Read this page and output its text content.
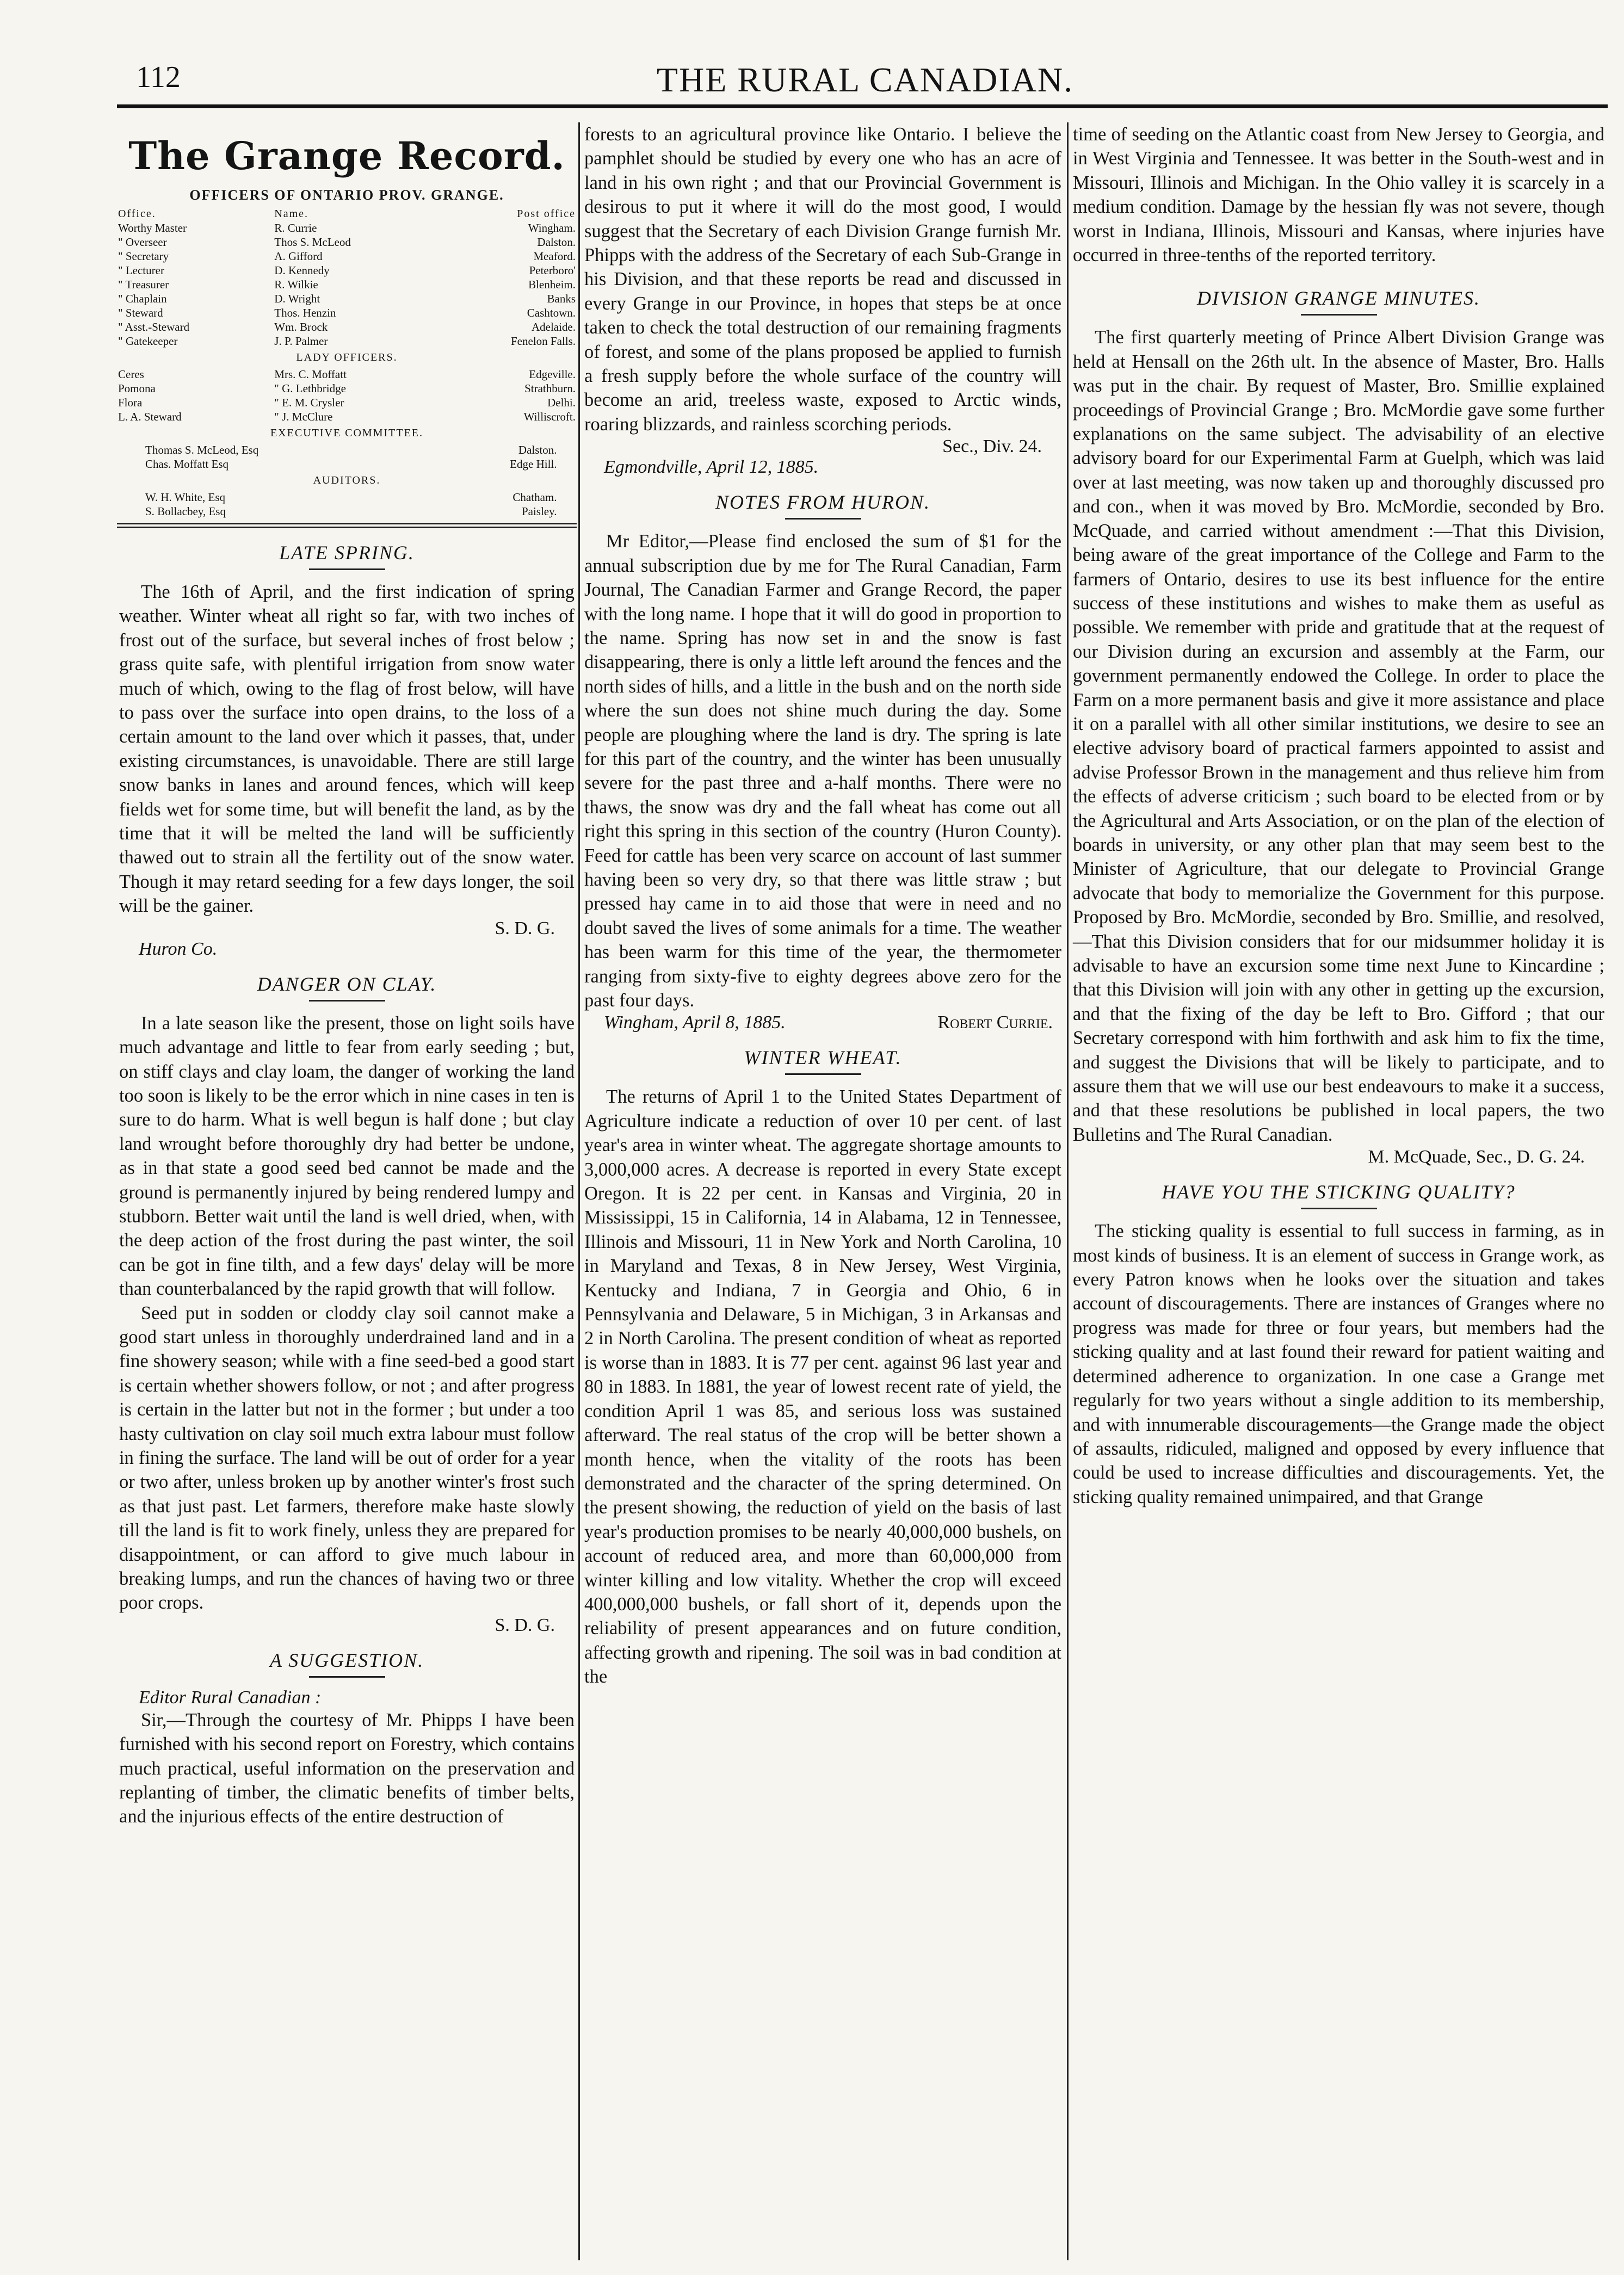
112	THE RURAL CANADIAN.
The Grange Record.
OFFICERS OF ONTARIO PROV. GRANGE.
Office.	Name.	Post office
Worthy Master	R. Currie	Wingham.
" Overseer	Thos S. McLeod	Dalston.
" Secretary	A. Gifford	Meaford.
" Lecturer	D. Kennedy	Peterboro'
" Treasurer	R. Wilkie	Blenheim.
" Chaplain	D. Wright	Banks
" Steward	Thos. Henzin	Cashtown.
" Asst.-Steward	Wm. Brock	Adelaide.
" Gatekeeper	J. P. Palmer	Fenelon Falls.
LADY OFFICERS.
Ceres	Mrs. C. Moffatt	Edgeville.
Pomona	" G. Lethbridge	Strathburn.
Flora	" E. M. Crysler	Delhi.
L. A. Steward	" J. McClure	Williscroft.
EXECUTIVE COMMITTEE.
Thomas S. McLeod, Esq	Dalston.
Chas. Moffatt Esq	Edge Hill.
AUDITORS.
W. H. White, Esq	Chatham.
S. Bollacbey, Esq	Paisley.
LATE SPRING.

The 16th of April, and the first indication of spring weather. Winter wheat all right so far, with two inches of frost out of the surface, but several inches of frost below ; grass quite safe, with plentiful irrigation from snow water much of which, owing to the flag of frost below, will have to pass over the surface into open drains, to the loss of a certain amount to the land over which it passes, that, under existing circumstances, is unavoidable. There are still large snow banks in lanes and around fences, which will keep fields wet for some time, but will benefit the land, as by the time that it will be melted the land will be sufficiently thawed out to strain all the fertility out of the snow water. Though it may retard seeding for a few days longer, the soil will be the gainer.

S. D. G.
Huron Co.
DANGER ON CLAY.

In a late season like the present, those on light soils have much advantage and little to fear from early seeding ; but, on stiff clays and clay loam, the danger of working the land too soon is likely to be the error which in nine cases in ten is sure to do harm. What is well begun is half done ; but clay land wrought before thoroughly dry had better be undone, as in that state a good seed bed cannot be made and the ground is permanently injured by being rendered lumpy and stubborn. Better wait until the land is well dried, when, with the deep action of the frost during the past winter, the soil can be got in fine tilth, and a few days' delay will be more than counterbalanced by the rapid growth that will follow.

Seed put in sodden or cloddy clay soil cannot make a good start unless in thoroughly underdrained land and in a fine showery season; while with a fine seed-bed a good start is certain whether showers follow, or not ; and after progress is certain in the latter but not in the former ; but under a too hasty cultivation on clay soil much extra labour must follow in fining the surface. The land will be out of order for a year or two after, unless broken up by another winter's frost such as that just past. Let farmers, therefore make haste slowly till the land is fit to work finely, unless they are prepared for disappointment, or can afford to give much labour in breaking lumps, and run the chances of having two or three poor crops.

S. D. G.
A SUGGESTION.
Editor Rural Canadian :

Sir,—Through the courtesy of Mr. Phipps I have been furnished with his second report on Forestry, which contains much practical, useful information on the preservation and replanting of timber, the climatic benefits of timber belts, and the injurious effects of the entire destruction of

forests to an agricultural province like Ontario. I believe the pamphlet should be studied by every one who has an acre of land in his own right ; and that our Provincial Government is desirous to put it where it will do the most good, I would suggest that the Secretary of each Division Grange furnish Mr. Phipps with the address of the Secretary of each Sub-Grange in his Division, and that these reports be read and discussed in every Grange in our Province, in hopes that steps be at once taken to check the total destruction of our remaining fragments of forest, and some of the plans proposed be applied to furnish a fresh supply before the whole surface of the country will become an arid, treeless waste, exposed to Arctic winds, roaring blizzards, and rainless scorching periods.

Sec., Div. 24.
Egmondville, April 12, 1885.
NOTES FROM HURON.

Mr Editor,—Please find enclosed the sum of $1 for the annual subscription due by me for The Rural Canadian, Farm Journal, The Canadian Farmer and Grange Record, the paper with the long name. I hope that it will do good in proportion to the name. Spring has now set in and the snow is fast disappearing, there is only a little left around the fences and the north sides of hills, and a little in the bush and on the north side where the sun does not shine much during the day. Some people are ploughing where the land is dry. The spring is late for this part of the country, and the winter has been unusually severe for the past three and a-half months. There were no thaws, the snow was dry and the fall wheat has come out all right this spring in this section of the country (Huron County). Feed for cattle has been very scarce on account of last summer having been so very dry, so that there was little straw ; but pressed hay came in to aid those that were in need and no doubt saved the lives of some animals for a time. The weather has been warm for this time of the year, the thermometer ranging from sixty-five to eighty degrees above zero for the past four days.

Wingham, April 8, 1885.	Robert Currie.
WINTER WHEAT.

The returns of April 1 to the United States Department of Agriculture indicate a reduction of over 10 per cent. of last year's area in winter wheat. The aggregate shortage amounts to 3,000,000 acres. A decrease is reported in every State except Oregon. It is 22 per cent. in Kansas and Virginia, 20 in Mississippi, 15 in California, 14 in Alabama, 12 in Tennessee, Illinois and Missouri, 11 in New York and North Carolina, 10 in Maryland and Texas, 8 in New Jersey, West Virginia, Kentucky and Indiana, 7 in Georgia and Ohio, 6 in Pennsylvania and Delaware, 5 in Michigan, 3 in Arkansas and 2 in North Carolina. The present condition of wheat as reported is worse than in 1883. It is 77 per cent. against 96 last year and 80 in 1883. In 1881, the year of lowest recent rate of yield, the condition April 1 was 85, and serious loss was sustained afterward. The real status of the crop will be better shown a month hence, when the vitality of the roots has been demonstrated and the character of the spring determined. On the present showing, the reduction of yield on the basis of last year's production promises to be nearly 40,000,000 bushels, on account of reduced area, and more than 60,000,000 from winter killing and low vitality. Whether the crop will exceed 400,000,000 bushels, or fall short of it, depends upon the reliability of present appearances and on future condition, affecting growth and ripening. The soil was in bad condition at the

time of seeding on the Atlantic coast from New Jersey to Georgia, and in West Virginia and Tennessee. It was better in the South-west and in Missouri, Illinois and Michigan. In the Ohio valley it is scarcely in a medium condition. Damage by the hessian fly was not severe, though worst in Indiana, Illinois, Missouri and Kansas, where injuries have occurred in three-tenths of the reported territory.

DIVISION GRANGE MINUTES.

The first quarterly meeting of Prince Albert Division Grange was held at Hensall on the 26th ult. In the absence of Master, Bro. Halls was put in the chair. By request of Master, Bro. Smillie explained proceedings of Provincial Grange ; Bro. McMordie gave some further explanations on the same subject. The advisability of an elective advisory board for our Experimental Farm at Guelph, which was laid over at last meeting, was now taken up and thoroughly discussed pro and con., when it was moved by Bro. McMordie, seconded by Bro. McQuade, and carried without amendment :—That this Division, being aware of the great importance of the College and Farm to the farmers of Ontario, desires to use its best influence for the entire success of these institutions and wishes to make them as useful as possible. We remember with pride and gratitude that at the request of our Division during an excursion and assembly at the Farm, our government permanently endowed the College. In order to place the Farm on a more permanent basis and give it more assistance and place it on a parallel with all other similar institutions, we desire to see an elective advisory board of practical farmers appointed to assist and advise Professor Brown in the management and thus relieve him from the effects of adverse criticism ; such board to be elected from or by the Agricultural and Arts Association, or on the plan of the election of boards in university, or any other plan that may seem best to the Minister of Agriculture, that our delegate to Provincial Grange advocate that body to memorialize the Government for this purpose. Proposed by Bro. McMordie, seconded by Bro. Smillie, and resolved,—That this Division considers that for our midsummer holiday it is advisable to have an excursion some time next June to Kincardine ; that this Division will join with any other in getting up the excursion, and that the fixing of the day be left to Bro. Gifford ; that our Secretary correspond with him forthwith and ask him to fix the time, and suggest the Divisions that will be likely to participate, and to assure them that we will use our best endeavours to make it a success, and that these resolutions be published in local papers, the two Bulletins and The Rural Canadian.

M. McQuade, Sec., D. G. 24.
HAVE YOU THE STICKING QUALITY?

The sticking quality is essential to full success in farming, as in most kinds of business. It is an element of success in Grange work, as every Patron knows when he looks over the situation and takes account of discouragements. There are instances of Granges where no progress was made for three or four years, but members had the sticking quality and at last found their reward for patient waiting and determined adherence to organization. In one case a Grange met regularly for two years without a single addition to its membership, and with innumerable discouragements—the Grange made the object of assaults, ridiculed, maligned and opposed by every influence that could be used to increase difficulties and discouragements. Yet, the sticking quality remained unimpaired, and that Grange
